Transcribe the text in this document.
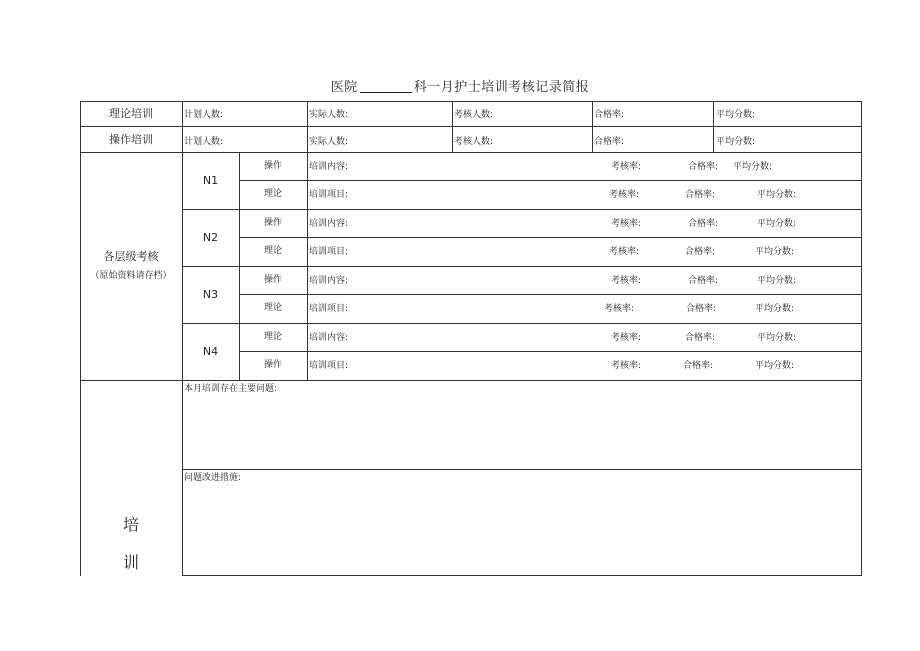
医院	科一月护士培训考核记录简报
理论培训	计划人数:	实际人数:	考核人数:	合格率:	平均分数:
操作培训	计划人数:	实际人数:	考核人数:	合格率:	平均分数:
各层级考核
（原始资料请存档）
N1
操作	培训内容:	考核率:	合格率: 平均分数:
理论	培训项目:	考核率:	合格率:	平均分数:
N2
操作	培训内容:	考核率:	合格率:	平均分数:
理论	培训项目:	考核率:	合格率:	平均分数:
N3
操作	培训内容:	考核率:	合格率:	平均分数:
理论	培训项目:	考核率:	合格率:	平均分数:
N4
理论	培训内容:	考核率:	合格率:	平均分数:
操作	培训项目:	考核率:	合格率:	平均分数:
本月培训存在主要问题:
问题改进措施:
培
训
